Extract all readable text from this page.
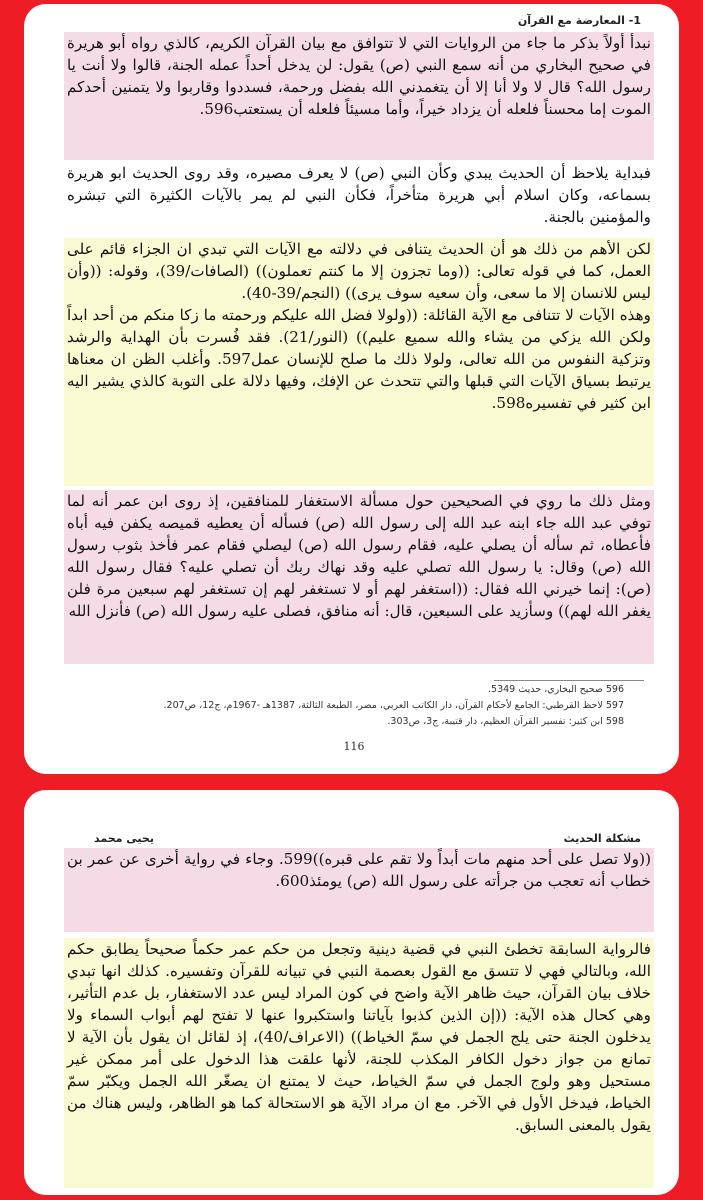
1- المعارضة مع القرآن

نبدأ أولاً بذكر ما جاء من الروايات التي لا تتوافق مع بيان القرآن الكريم، كالذي رواه أبو هريرة في صحيح البخاري من أنه سمع النبي (ص) يقول: لن يدخل أحداً عمله الجنة، قالوا ولا أنت يا رسول الله؟ قال لا ولا أنا إلا أن يتغمدني الله بفضل ورحمة، فسددوا وقاربوا ولا يتمنين أحدكم الموت إما محسناً فلعله أن يزداد خيراً، وأما مسيئاً فلعله أن يستعتب596.

فبداية يلاحظ أن الحديث يبدي وكأن النبي (ص) لا يعرف مصيره، وقد روى الحديث ابو هريرة بسماعه، وكان اسلام أبي هريرة متأخراً، فكأن النبي لم يمر بالآيات الكثيرة التي تبشره والمؤمنين بالجنة.

لكن الأهم من ذلك هو أن الحديث يتنافى في دلالته مع الآيات التي تبدي ان الجزاء قائم على العمل، كما في قوله تعالى: ((وما تجزون إلا ما كنتم تعملون)) (الصافات/39)، وقوله: ((وأن ليس للانسان إلا ما سعى، وأن سعيه سوف يرى)) (النجم/39-40).

وهذه الآيات لا تتنافى مع الآية القائلة: ((ولولا فضل الله عليكم ورحمته ما زكا منكم من أحد ابداً ولكن الله يزكي من يشاء والله سميع عليم)) (النور/21). فقد فُسرت بأن الهداية والرشد وتزكية النفوس من الله تعالى، ولولا ذلك ما صلح للإنسان عمل597. وأغلب الظن ان معناها يرتبط بسياق الآيات التي قبلها والتي تتحدث عن الإفك، وفيها دلالة على التوبة كالذي يشير اليه ابن كثير في تفسيره598.

ومثل ذلك ما روي في الصحيحين حول مسألة الاستغفار للمنافقين، إذ روى ابن عمر أنه لما توفي عبد الله جاء ابنه عبد الله إلى رسول الله (ص) فسأله أن يعطيه قميصه يكفن فيه أباه فأعطاه، ثم سأله أن يصلي عليه، فقام رسول الله (ص) ليصلي فقام عمر فأخذ بثوب رسول الله (ص) وقال: يا رسول الله تصلي عليه وقد نهاك ربك أن تصلي عليه؟ فقال رسول الله (ص): إنما خيرني الله فقال: ((استغفر لهم أو لا تستغفر لهم إن تستغفر لهم سبعين مرة فلن يغفر الله لهم)) وسأزيد على السبعين، قال: أنه منافق، فصلى عليه رسول الله (ص) فأنزل الله

596 صحيح البخاري، حديث 5349.
597 لاحظ القرطبي: الجامع لأحكام القرآن، دار الكاتب العربي، مصر، الطبعة الثالثة، 1387هـ -1967م، ج12، ص207.
598 ابن كثير: تفسير القرآن العظيم، دار قتيبة، ج3، ص303.
116
مشكلة الحديث
يحيى محمد

((ولا تصل على أحد منهم مات أبداً ولا تقم على قبره))599. وجاء في رواية أخرى عن عمر بن خطاب أنه تعجب من جرأته على رسول الله (ص) يومئذ600.

فالرواية السابقة تخطئ النبي في قضية دينية وتجعل من حكم عمر حكماً صحيحاً يطابق حكم الله، وبالتالي فهي لا تتسق مع القول بعصمة النبي في تبيانه للقرآن وتفسيره. كذلك انها تبدي خلاف بيان القرآن، حيث ظاهر الآية واضح في كون المراد ليس عدد الاستغفار، بل عدم التأثير، وهي كحال هذه الآية: ((إن الذين كذبوا بآياتنا واستكبروا عنها لا تفتح لهم أبواب السماء ولا يدخلون الجنة حتى يلج الجمل في سمّ الخياط)) (الاعراف/40)، إذ لقائل ان يقول بأن الآية لا تمانع من جواز دخول الكافر المكذب للجنة، لأنها علقت هذا الدخول على أمر ممكن غير مستحيل وهو ولوج الجمل في سمّ الخياط، حيث لا يمتنع ان يصغّر الله الجمل ويكبّر سمّ الخياط، فيدخل الأول في الآخر. مع ان مراد الآية هو الاستحالة كما هو الظاهر، وليس هناك من يقول بالمعنى السابق.
